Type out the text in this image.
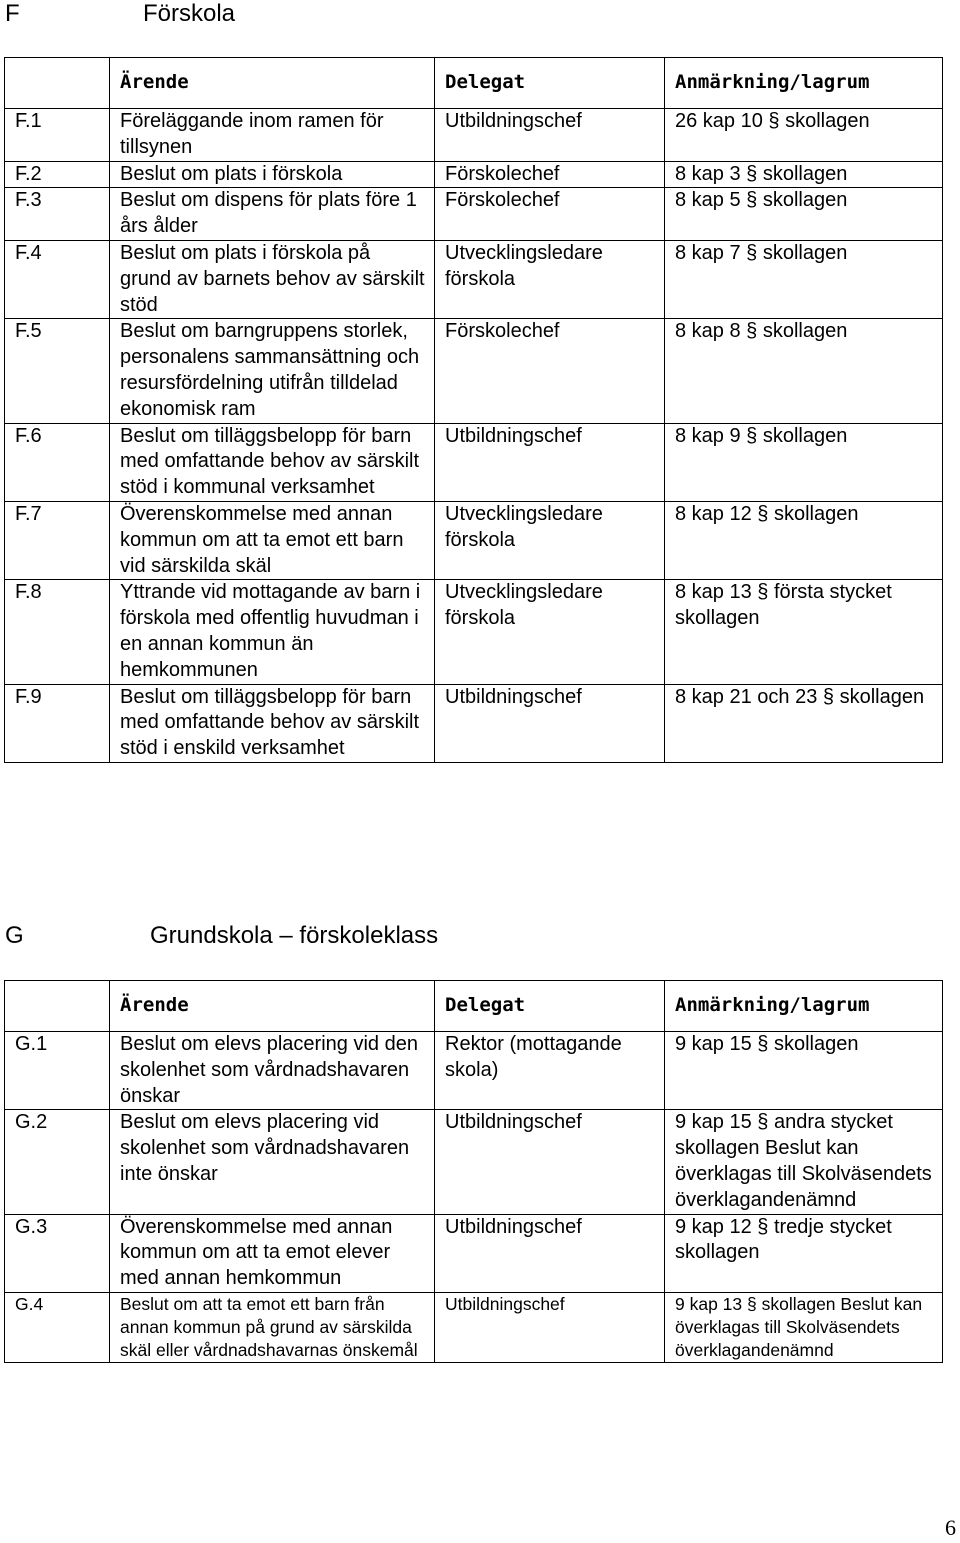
F	Förskola
	Ärende	Delegat	Anmärkning/lagrum
F.1	Föreläggande inom ramen för tillsynen	Utbildningschef	26 kap 10 § skollagen
F.2	Beslut om plats i förskola	Förskolechef	8 kap 3 § skollagen
F.3	Beslut om dispens för plats före 1 års ålder	Förskolechef	8 kap 5 § skollagen
F.4	Beslut om plats i förskola på grund av barnets behov av särskilt stöd	Utvecklingsledare förskola	8 kap 7 § skollagen
F.5	Beslut om barngruppens storlek, personalens sammansättning och resursfördelning utifrån tilldelad ekonomisk ram	Förskolechef	8 kap 8 § skollagen
F.6	Beslut om tilläggsbelopp för barn med omfattande behov av särskilt stöd i kommunal verksamhet	Utbildningschef	8 kap 9 § skollagen
F.7	Överenskommelse med annan kommun om att ta emot ett barn vid särskilda skäl	Utvecklingsledare förskola	8 kap 12 § skollagen
F.8	Yttrande vid mottagande av barn i förskola med offentlig huvudman i en annan kommun än hemkommunen	Utvecklingsledare förskola	8 kap 13 § första stycket skollagen
F.9	Beslut om tilläggsbelopp för barn med omfattande behov av särskilt stöd i enskild verksamhet	Utbildningschef	8 kap 21 och 23 § skollagen
G	Grundskola – förskoleklass
	Ärende	Delegat	Anmärkning/lagrum
G.1	Beslut om elevs placering vid den skolenhet som vårdnadshavaren önskar	Rektor (mottagande skola)	9 kap 15 § skollagen
G.2	Beslut om elevs placering vid skolenhet som vårdnadshavaren inte önskar	Utbildningschef	9 kap 15 § andra stycket skollagen Beslut kan överklagas till Skolväsendets överklagandenämnd
G.3	Överenskommelse med annan kommun om att ta emot elever med annan hemkommun	Utbildningschef	9 kap 12 § tredje stycket skollagen
G.4	Beslut om att ta emot ett barn från annan kommun på grund av särskilda skäl eller vårdnadshavarnas önskemål	Utbildningschef	9 kap 13 § skollagen Beslut kan överklagas till Skolväsendets överklagandenämnd
6
